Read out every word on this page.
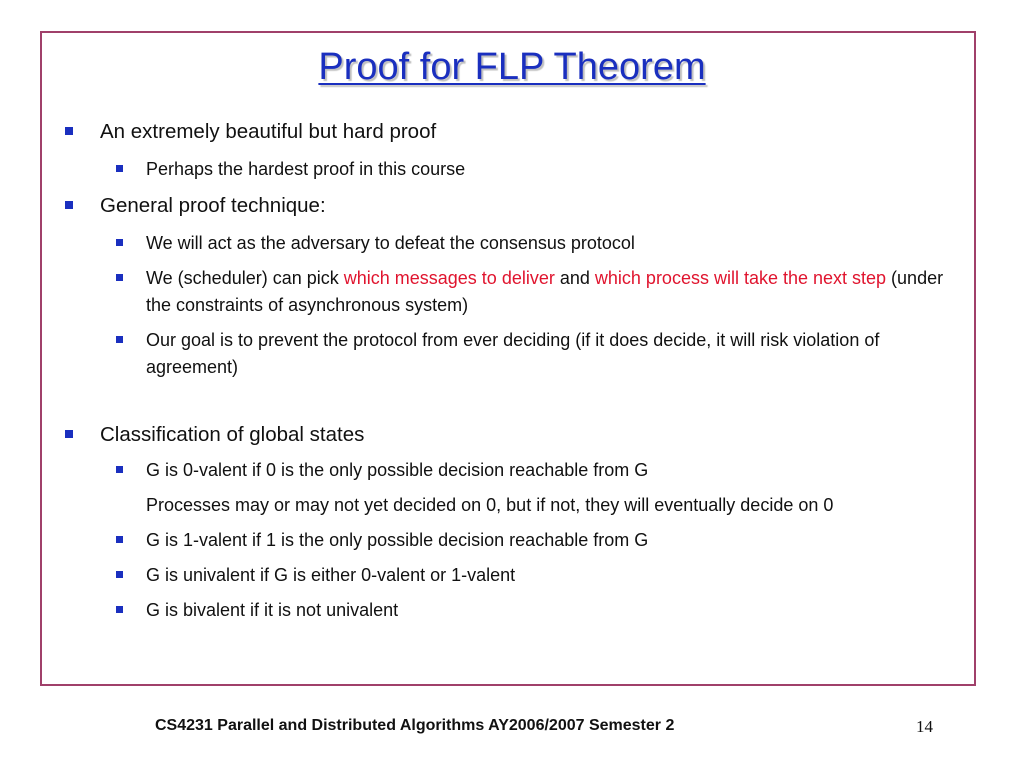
Proof for FLP Theorem
An extremely beautiful but hard proof
Perhaps the hardest proof in this course
General proof technique:
We will act as the adversary to defeat the consensus protocol
We (scheduler) can pick which messages to deliver and which process will take the next step (under the constraints of asynchronous system)
Our goal is to prevent the protocol from ever deciding (if it does decide, it will risk violation of agreement)
Classification of global states
G is 0-valent if 0 is the only possible decision reachable from G
Processes may or may not yet decided on 0, but if not, they will eventually decide on 0
G is 1-valent if 1 is the only possible decision reachable from G
G is univalent if G is either 0-valent or 1-valent
G is bivalent if it is not univalent
CS4231 Parallel and Distributed Algorithms AY2006/2007 Semester 2	14
